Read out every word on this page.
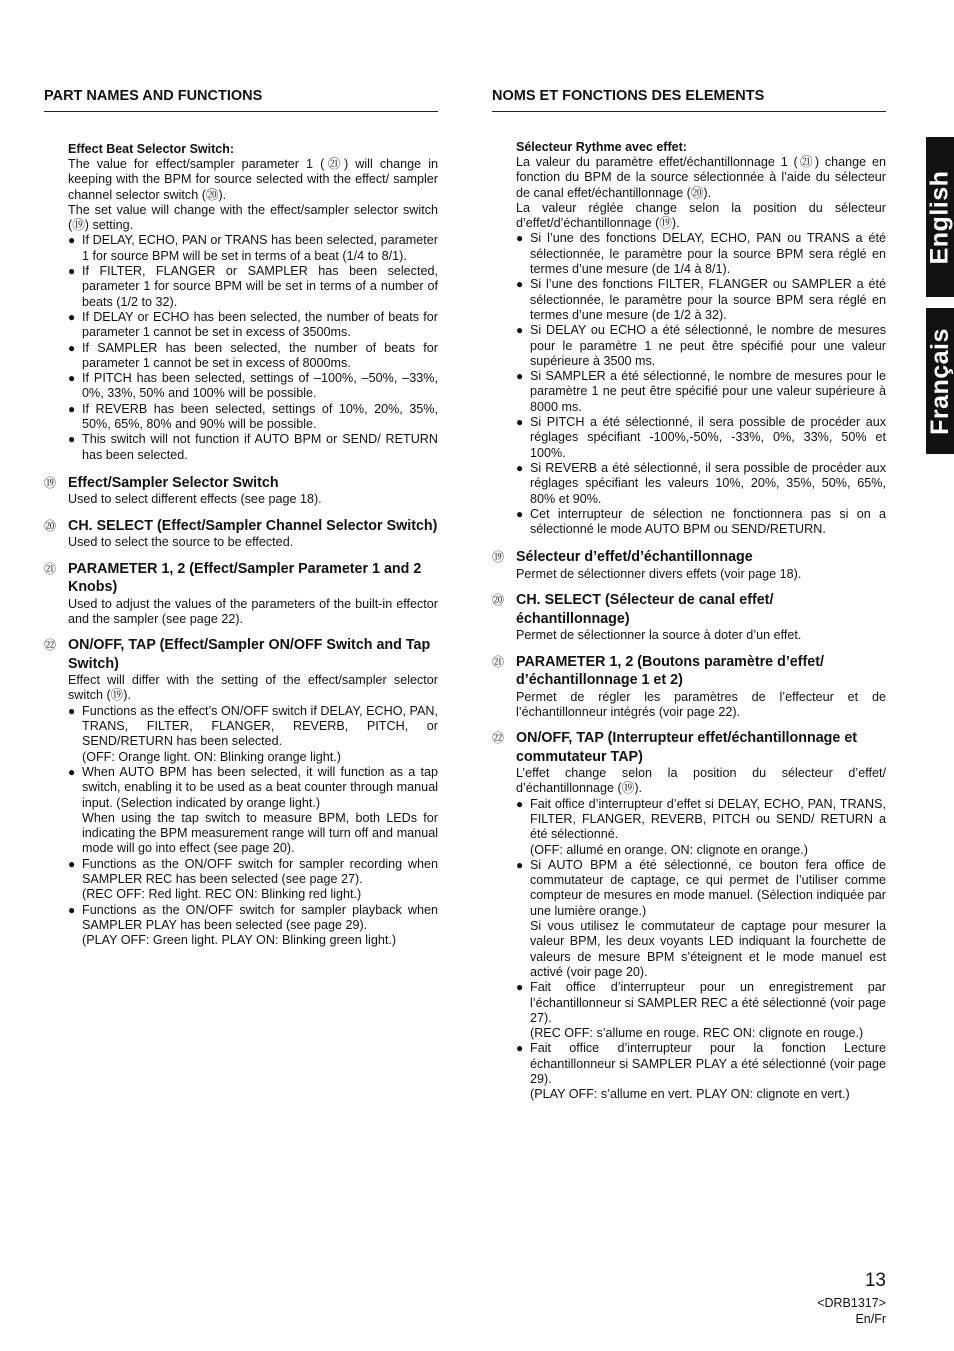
PART NAMES AND FUNCTIONS
Effect Beat Selector Switch:

The value for effect/sampler parameter 1 (㉑) will change in keeping with the BPM for source selected with the effect/ sampler channel selector switch (⑳).

The set value will change with the effect/sampler selector switch (⑲) setting.

● If DELAY, ECHO, PAN or TRANS has been selected, parameter 1 for source BPM will be set in terms of a beat (1/4 to 8/1).
● If FILTER, FLANGER or SAMPLER has been selected, parameter 1 for source BPM will be set in terms of a number of beats (1/2 to 32).
● If DELAY or ECHO has been selected, the number of beats for parameter 1 cannot be set in excess of 3500ms.
● If SAMPLER has been selected, the number of beats for parameter 1 cannot be set in excess of 8000ms.
● If PITCH has been selected, settings of –100%, –50%, –33%, 0%, 33%, 50% and 100% will be possible.
● If REVERB has been selected, settings of 10%, 20%, 35%, 50%, 65%, 80% and 90% will be possible.
● This switch will not function if AUTO BPM or SEND/ RETURN has been selected.
⑲ Effect/Sampler Selector Switch

Used to select different effects (see page 18).

⑳ CH. SELECT (Effect/Sampler Channel Selector Switch)

Used to select the source to be effected.

㉑ PARAMETER 1, 2 (Effect/Sampler Parameter 1 and 2 Knobs)

Used to adjust the values of the parameters of the built-in effector and the sampler (see page 22).

㉒ ON/OFF, TAP (Effect/Sampler ON/OFF Switch and Tap Switch)

Effect will differ with the setting of the effect/sampler selector switch (⑲).

● Functions as the effect’s ON/OFF switch if DELAY, ECHO, PAN, TRANS, FILTER, FLANGER, REVERB, PITCH, or SEND/RETURN has been selected.
(OFF: Orange light. ON: Blinking orange light.)
● When AUTO BPM has been selected, it will function as a tap switch, enabling it to be used as a beat counter through manual input. (Selection indicated by orange light.)
When using the tap switch to measure BPM, both LEDs for indicating the BPM measurement range will turn off and manual mode will go into effect (see page 20).
● Functions as the ON/OFF switch for sampler recording when SAMPLER REC has been selected (see page 27).
(REC OFF: Red light. REC ON: Blinking red light.)
● Functions as the ON/OFF switch for sampler playback when SAMPLER PLAY has been selected (see page 29).
(PLAY OFF: Green light. PLAY ON: Blinking green light.)
NOMS ET FONCTIONS DES ELEMENTS
Sélecteur Rythme avec effet:

La valeur du paramètre effet/échantillonnage 1 (㉑) change en fonction du BPM de la source sélectionnée à l’aide du sélecteur de canal effet/échantillonnage (⑳).

La valeur réglée change selon la position du sélecteur d’effet/d’échantillonnage (⑲).

● Si l’une des fonctions DELAY, ECHO, PAN ou TRANS a été sélectionnée, le paramètre pour la source BPM sera réglé en termes d’une mesure (de 1/4 à 8/1).
● Si l’une des fonctions FILTER, FLANGER ou SAMPLER a été sélectionnée, le paramètre pour la source BPM sera réglé en termes d’une mesure (de 1/2 à 32).
● Si DELAY ou ECHO a été sélectionné, le nombre de mesures pour le paramètre 1 ne peut être spécifié pour une valeur supérieure à 3500 ms.
● Si SAMPLER a été sélectionné, le nombre de mesures pour le paramètre 1 ne peut être spécifié pour une valeur supérieure à 8000 ms.
● Si PITCH a été sélectionné, il sera possible de procéder aux réglages spécifiant -100%,-50%, -33%, 0%, 33%, 50% et 100%.
● Si REVERB a été sélectionné, il sera possible de procéder aux réglages spécifiant les valeurs 10%, 20%, 35%, 50%, 65%, 80% et 90%.
● Cet interrupteur de sélection ne fonctionnera pas si on a sélectionné le mode AUTO BPM ou SEND/RETURN.
⑲ Sélecteur d’effet/d’échantillonnage

Permet de sélectionner divers effets (voir page 18).

⑳ CH. SELECT (Sélecteur de canal effet/ échantillonnage)

Permet de sélectionner la source à doter d’un effet.

㉑ PARAMETER 1, 2 (Boutons paramètre d’effet/ d’échantillonnage 1 et 2)

Permet de régler les paramètres de l’effecteur et de l’échantillonneur intégrés (voir page 22).

㉒ ON/OFF, TAP (Interrupteur effet/échantillonnage et commutateur TAP)

L’effet change selon la position du sélecteur d’effet/ d’échantillonnage (⑲).

● Fait office d’interrupteur d’effet si DELAY, ECHO, PAN, TRANS, FILTER, FLANGER, REVERB, PITCH ou SEND/ RETURN a été sélectionné.
(OFF: allumé en orange. ON: clignote en orange.)
● Si AUTO BPM a été sélectionné, ce bouton fera office de commutateur de captage, ce qui permet de l’utiliser comme compteur de mesures en mode manuel. (Sélection indiquée par une lumière orange.)
Si vous utilisez le commutateur de captage pour mesurer la valeur BPM, les deux voyants LED indiquant la fourchette de valeurs de mesure BPM s’éteignent et le mode manuel est activé (voir page 20).
● Fait office d’interrupteur pour un enregistrement par l’échantillonneur si SAMPLER REC a été sélectionné (voir page 27).
(REC OFF: s’allume en rouge. REC ON: clignote en rouge.)
● Fait office d’interrupteur pour la fonction Lecture échantillonneur si SAMPLER PLAY a été sélectionné (voir page 29).
(PLAY OFF: s’allume en vert. PLAY ON: clignote en vert.)
English
Français
13
<DRB1317>
En/Fr
